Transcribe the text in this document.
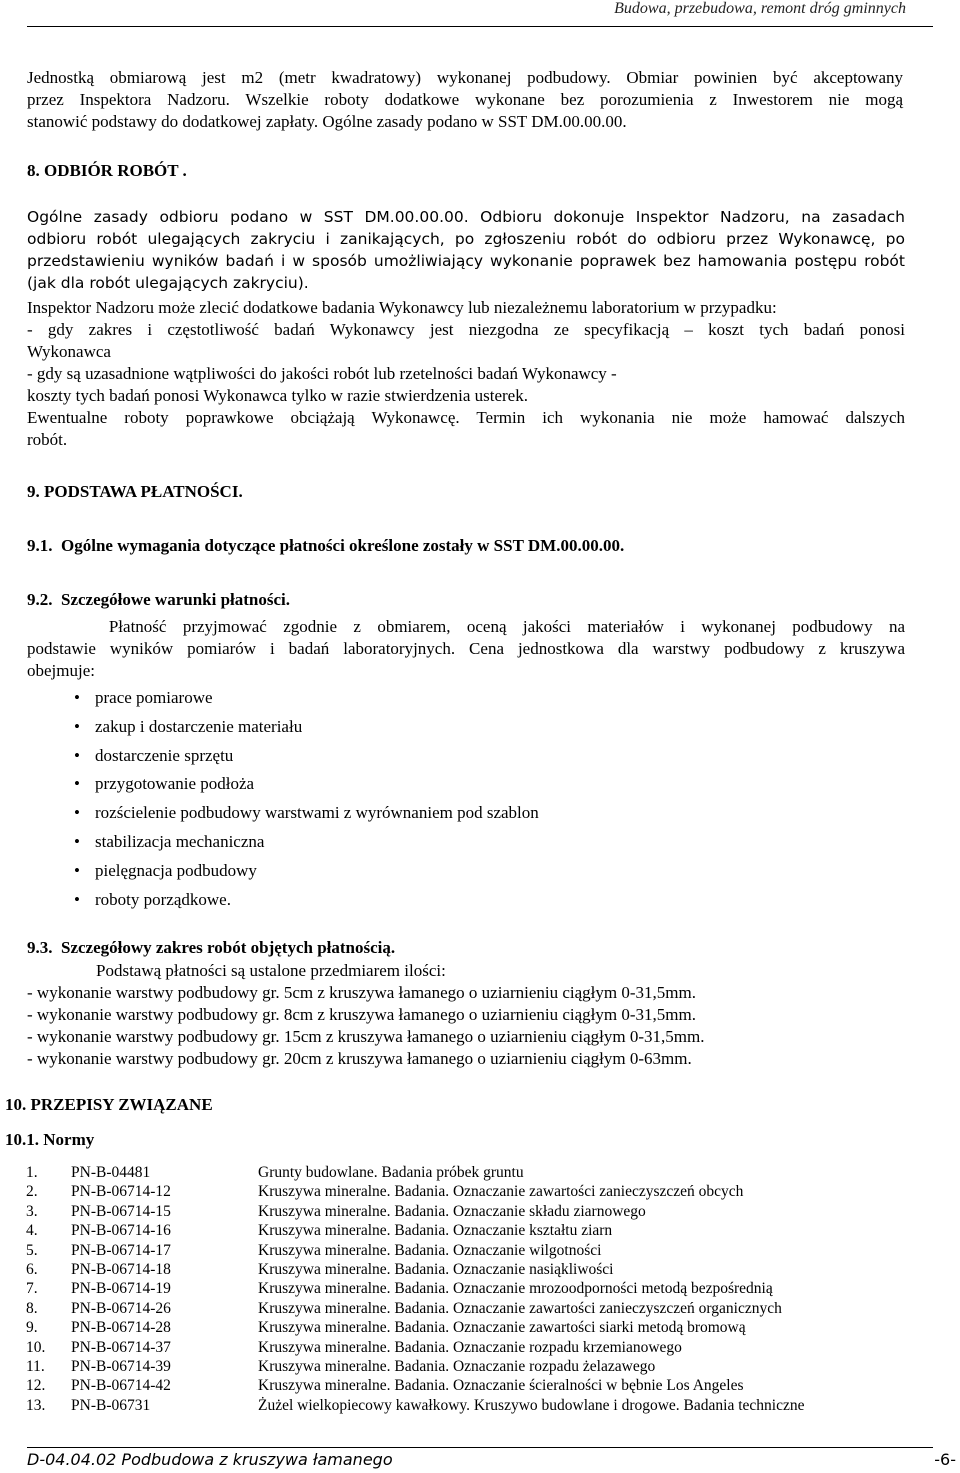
Budowa, przebudowa, remont dróg gminnych
Jednostką obmiarową jest m2 (metr kwadratowy) wykonanej podbudowy. Obmiar powinien być akceptowany
przez Inspektora Nadzoru. Wszelkie roboty dodatkowe wykonane bez porozumienia z Inwestorem nie mogą
stanowić podstawy do dodatkowej zapłaty. Ogólne zasady podano w SST DM.00.00.00.
8. ODBIÓR ROBÓT .
Ogólne zasady odbioru podano w SST DM.00.00.00. Odbioru dokonuje Inspektor Nadzoru, na zasadach
odbioru robót ulegających zakryciu i zanikających, po zgłoszeniu robót do odbioru przez Wykonawcę, po
przedstawieniu wyników badań i w sposób umożliwiający wykonanie poprawek bez hamowania postępu robót
(jak dla robót ulegających zakryciu).
Inspektor Nadzoru może zlecić dodatkowe badania Wykonawcy lub niezależnemu laboratorium w przypadku:
- gdy zakres i częstotliwość badań Wykonawcy jest niezgodna ze specyfikacją – koszt tych badań ponosi
Wykonawca
- gdy są uzasadnione wątpliwości do jakości robót lub rzetelności badań Wykonawcy -
koszty tych badań ponosi Wykonawca tylko w razie stwierdzenia usterek.
Ewentualne roboty poprawkowe obciążają Wykonawcę. Termin ich wykonania nie może hamować dalszych
robót.
9. PODSTAWA PŁATNOŚCI.
9.1.  Ogólne wymagania dotyczące płatności określone zostały w SST DM.00.00.00.
9.2.  Szczegółowe warunki płatności.
Płatność przyjmować zgodnie z obmiarem, oceną jakości materiałów i wykonanej podbudowy na
podstawie wyników pomiarów i badań laboratoryjnych. Cena jednostkowa dla warstwy podbudowy z kruszywa
obejmuje:
• prace pomiarowe
• zakup i dostarczenie materiału
• dostarczenie sprzętu
• przygotowanie podłoża
• rozścielenie podbudowy warstwami z wyrównaniem pod szablon
• stabilizacja mechaniczna
• pielęgnacja podbudowy
• roboty porządkowe.
9.3.  Szczegółowy zakres robót objętych płatnością.
Podstawą płatności są ustalone przedmiarem ilości:
- wykonanie warstwy podbudowy gr. 5cm z kruszywa łamanego o uziarnieniu ciągłym 0-31,5mm.
- wykonanie warstwy podbudowy gr. 8cm z kruszywa łamanego o uziarnieniu ciągłym 0-31,5mm.
- wykonanie warstwy podbudowy gr. 15cm z kruszywa łamanego o uziarnieniu ciągłym 0-31,5mm.
- wykonanie warstwy podbudowy gr. 20cm z kruszywa łamanego o uziarnieniu ciągłym 0-63mm.
10. PRZEPISY ZWIĄZANE
10.1. Normy
1. PN-B-04481	Grunty budowlane. Badania próbek gruntu
2. PN-B-06714-12	Kruszywa mineralne. Badania. Oznaczanie zawartości zanieczyszczeń obcych
3. PN-B-06714-15	Kruszywa mineralne. Badania. Oznaczanie składu ziarnowego
4. PN-B-06714-16	Kruszywa mineralne. Badania. Oznaczanie kształtu ziarn
5. PN-B-06714-17	Kruszywa mineralne. Badania. Oznaczanie wilgotności
6. PN-B-06714-18	Kruszywa mineralne. Badania. Oznaczanie nasiąkliwości
7. PN-B-06714-19	Kruszywa mineralne. Badania. Oznaczanie mrozoodporności metodą bezpośrednią
8. PN-B-06714-26	Kruszywa mineralne. Badania. Oznaczanie zawartości zanieczyszczeń organicznych
9. PN-B-06714-28	Kruszywa mineralne. Badania. Oznaczanie zawartości siarki metodą bromową
10. PN-B-06714-37	Kruszywa mineralne. Badania. Oznaczanie rozpadu krzemianowego
11. PN-B-06714-39	Kruszywa mineralne. Badania. Oznaczanie rozpadu żelazawego
12. PN-B-06714-42	Kruszywa mineralne. Badania. Oznaczanie ścieralności w bębnie Los Angeles
13. PN-B-06731	Żużel wielkopiecowy kawałkowy. Kruszywo budowlane i drogowe. Badania techniczne
D-04.04.02 Podbudowa z kruszywa łamanego	-6-
